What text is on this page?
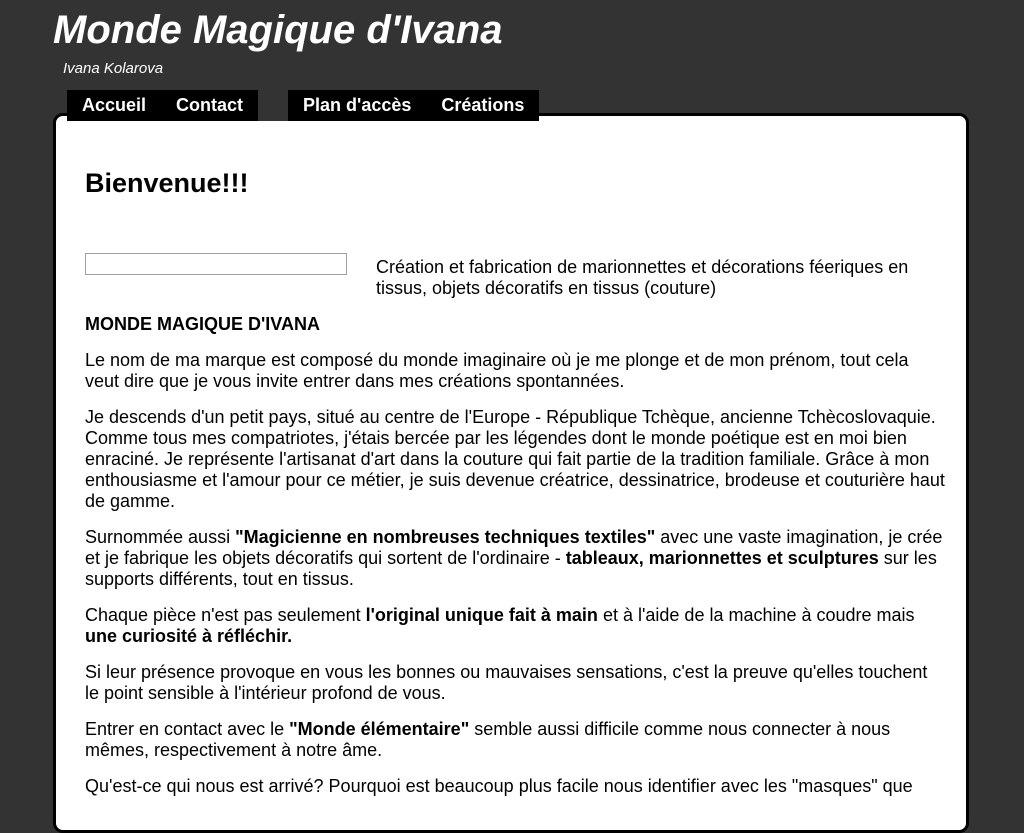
Monde Magique d'Ivana

Ivana Kolarova

Accueil	Contact	Plan d'accès	Créations
Bienvenue!!!

Création et fabrication de marionnettes et décorations féeriques en tissus, objets décoratifs en tissus (couture)

MONDE MAGIQUE D'IVANA

Le nom de ma marque est composé du monde imaginaire où je me plonge et de mon prénom, tout cela veut dire que je vous invite entrer dans mes créations spontannées.

Je descends d'un petit pays, situé au centre de l'Europe - République Tchèque, ancienne Tchècoslovaquie. Comme tous mes compatriotes, j'étais bercée par les légendes dont le monde poétique est en moi bien enraciné. Je représente l'artisanat d'art dans la couture qui fait partie de la tradition familiale. Grâce à mon enthousiasme et l'amour pour ce métier, je suis devenue créatrice, dessinatrice, brodeuse et couturière haut de gamme.

Surnommée aussi "Magicienne en nombreuses techniques textiles" avec une vaste imagination, je crée et je fabrique les objets décoratifs qui sortent de l'ordinaire - tableaux, marionnettes et sculptures sur les supports différents, tout en tissus.

Chaque pièce n'est pas seulement l'original unique fait à main et à l'aide de la machine à coudre mais une curiosité à réfléchir.

Si leur présence provoque en vous les bonnes ou mauvaises sensations, c'est la preuve qu'elles touchent le point sensible à l'intérieur profond de vous.

Entrer en contact avec le "Monde élémentaire" semble aussi difficile comme nous connecter à nous mêmes, respectivement à notre âme.

Qu'est-ce qui nous est arrivé? Pourquoi est beaucoup plus facile nous identifier avec les "masques" que
